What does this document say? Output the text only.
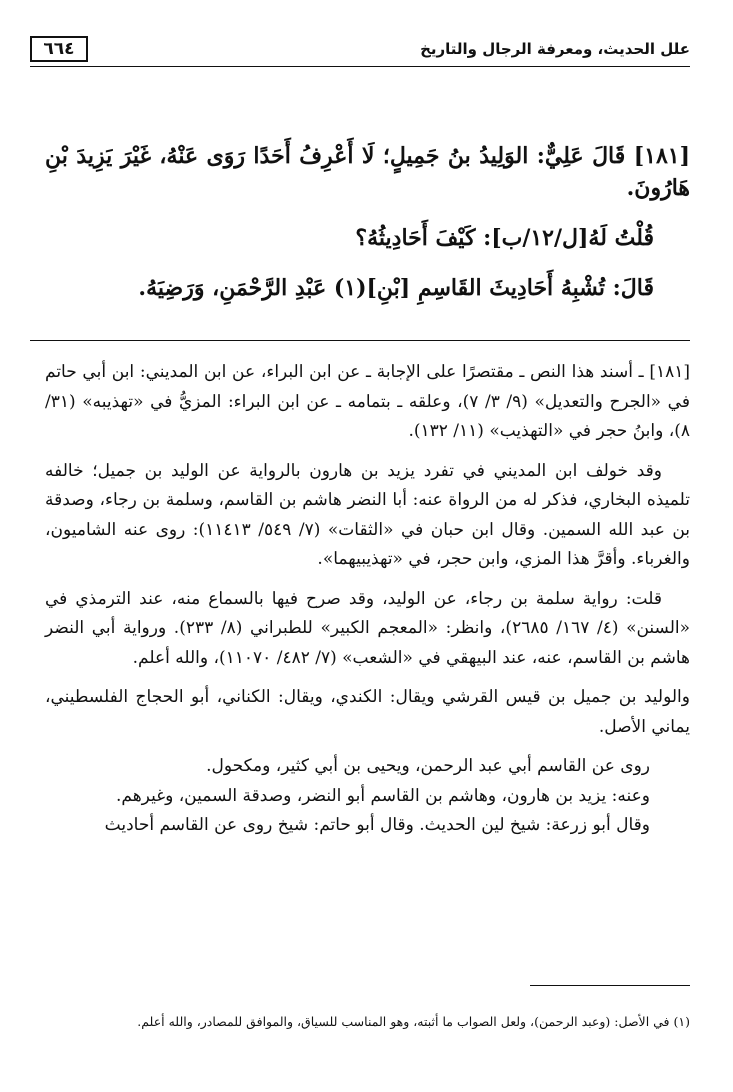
٦٦٤	علل الحديث، ومعرفة الرجال والتاريخ

[١٨١] قَالَ عَلِيٌّ: الوَلِيدُ بنُ جَمِيلٍ؛ لَا أَعْرِفُ أَحَدًا رَوَى عَنْهُ، غَيْرَ يَزِيدَ بْنِ هَارُونَ.

قُلْتُ لَهُ[ل/١٢/ب]: كَيْفَ أَحَادِيثُهُ؟

قَالَ: تُشْبِهُ أَحَادِيثَ القَاسِمِ [بْنِ](١) عَبْدِ الرَّحْمَنِ، وَرَضِيَهُ.

[١٨١] ـ أسند هذا النص ـ مقتصرًا على الإجابة ـ عن ابن البراء، عن ابن المديني: ابن أبي حاتم في «الجرح والتعديل» (٩/ ٣/ ٧)، وعلقه ـ بتمامه ـ عن ابن البراء: المزيُّ في «تهذيبه» (٣١/ ٨)، وابنُ حجر في «التهذيب» (١١/ ١٣٢).

وقد خولف ابن المديني في تفرد يزيد بن هارون بالرواية عن الوليد بن جميل؛ خالفه تلميذه البخاري، فذكر له من الرواة عنه: أبا النضر هاشم بن القاسم، وسلمة بن رجاء، وصدقة بن عبد الله السمين. وقال ابن حبان في «الثقات» (٧/ ٥٤٩/ ١١٤١٣): روى عنه الشاميون، والغرباء. وأقرَّ هذا المزي، وابن حجر، في «تهذيبيهما».

قلت: رواية سلمة بن رجاء، عن الوليد، وقد صرح فيها بالسماع منه، عند الترمذي في «السنن» (٤/ ١٦٧/ ٢٦٨٥)، وانظر: «المعجم الكبير» للطبراني (٨/ ٢٣٣). ورواية أبي النضر هاشم بن القاسم، عنه، عند البيهقي في «الشعب» (٧/ ٤٨٢/ ١١٠٧٠)، والله أعلم.

والوليد بن جميل بن قيس القرشي ويقال: الكندي، ويقال: الكناني، أبو الحجاج الفلسطيني، يماني الأصل.

روى عن القاسم أبي عبد الرحمن، ويحيى بن أبي كثير، ومكحول.

وعنه: يزيد بن هارون، وهاشم بن القاسم أبو النضر، وصدقة السمين، وغيرهم.

وقال أبو زرعة: شيخ لين الحديث. وقال أبو حاتم: شيخ روى عن القاسم أحاديث

(١) في الأصل: (وعبد الرحمن)، ولعل الصواب ما أثبته، وهو المناسب للسياق، والموافق للمصادر، والله أعلم.
